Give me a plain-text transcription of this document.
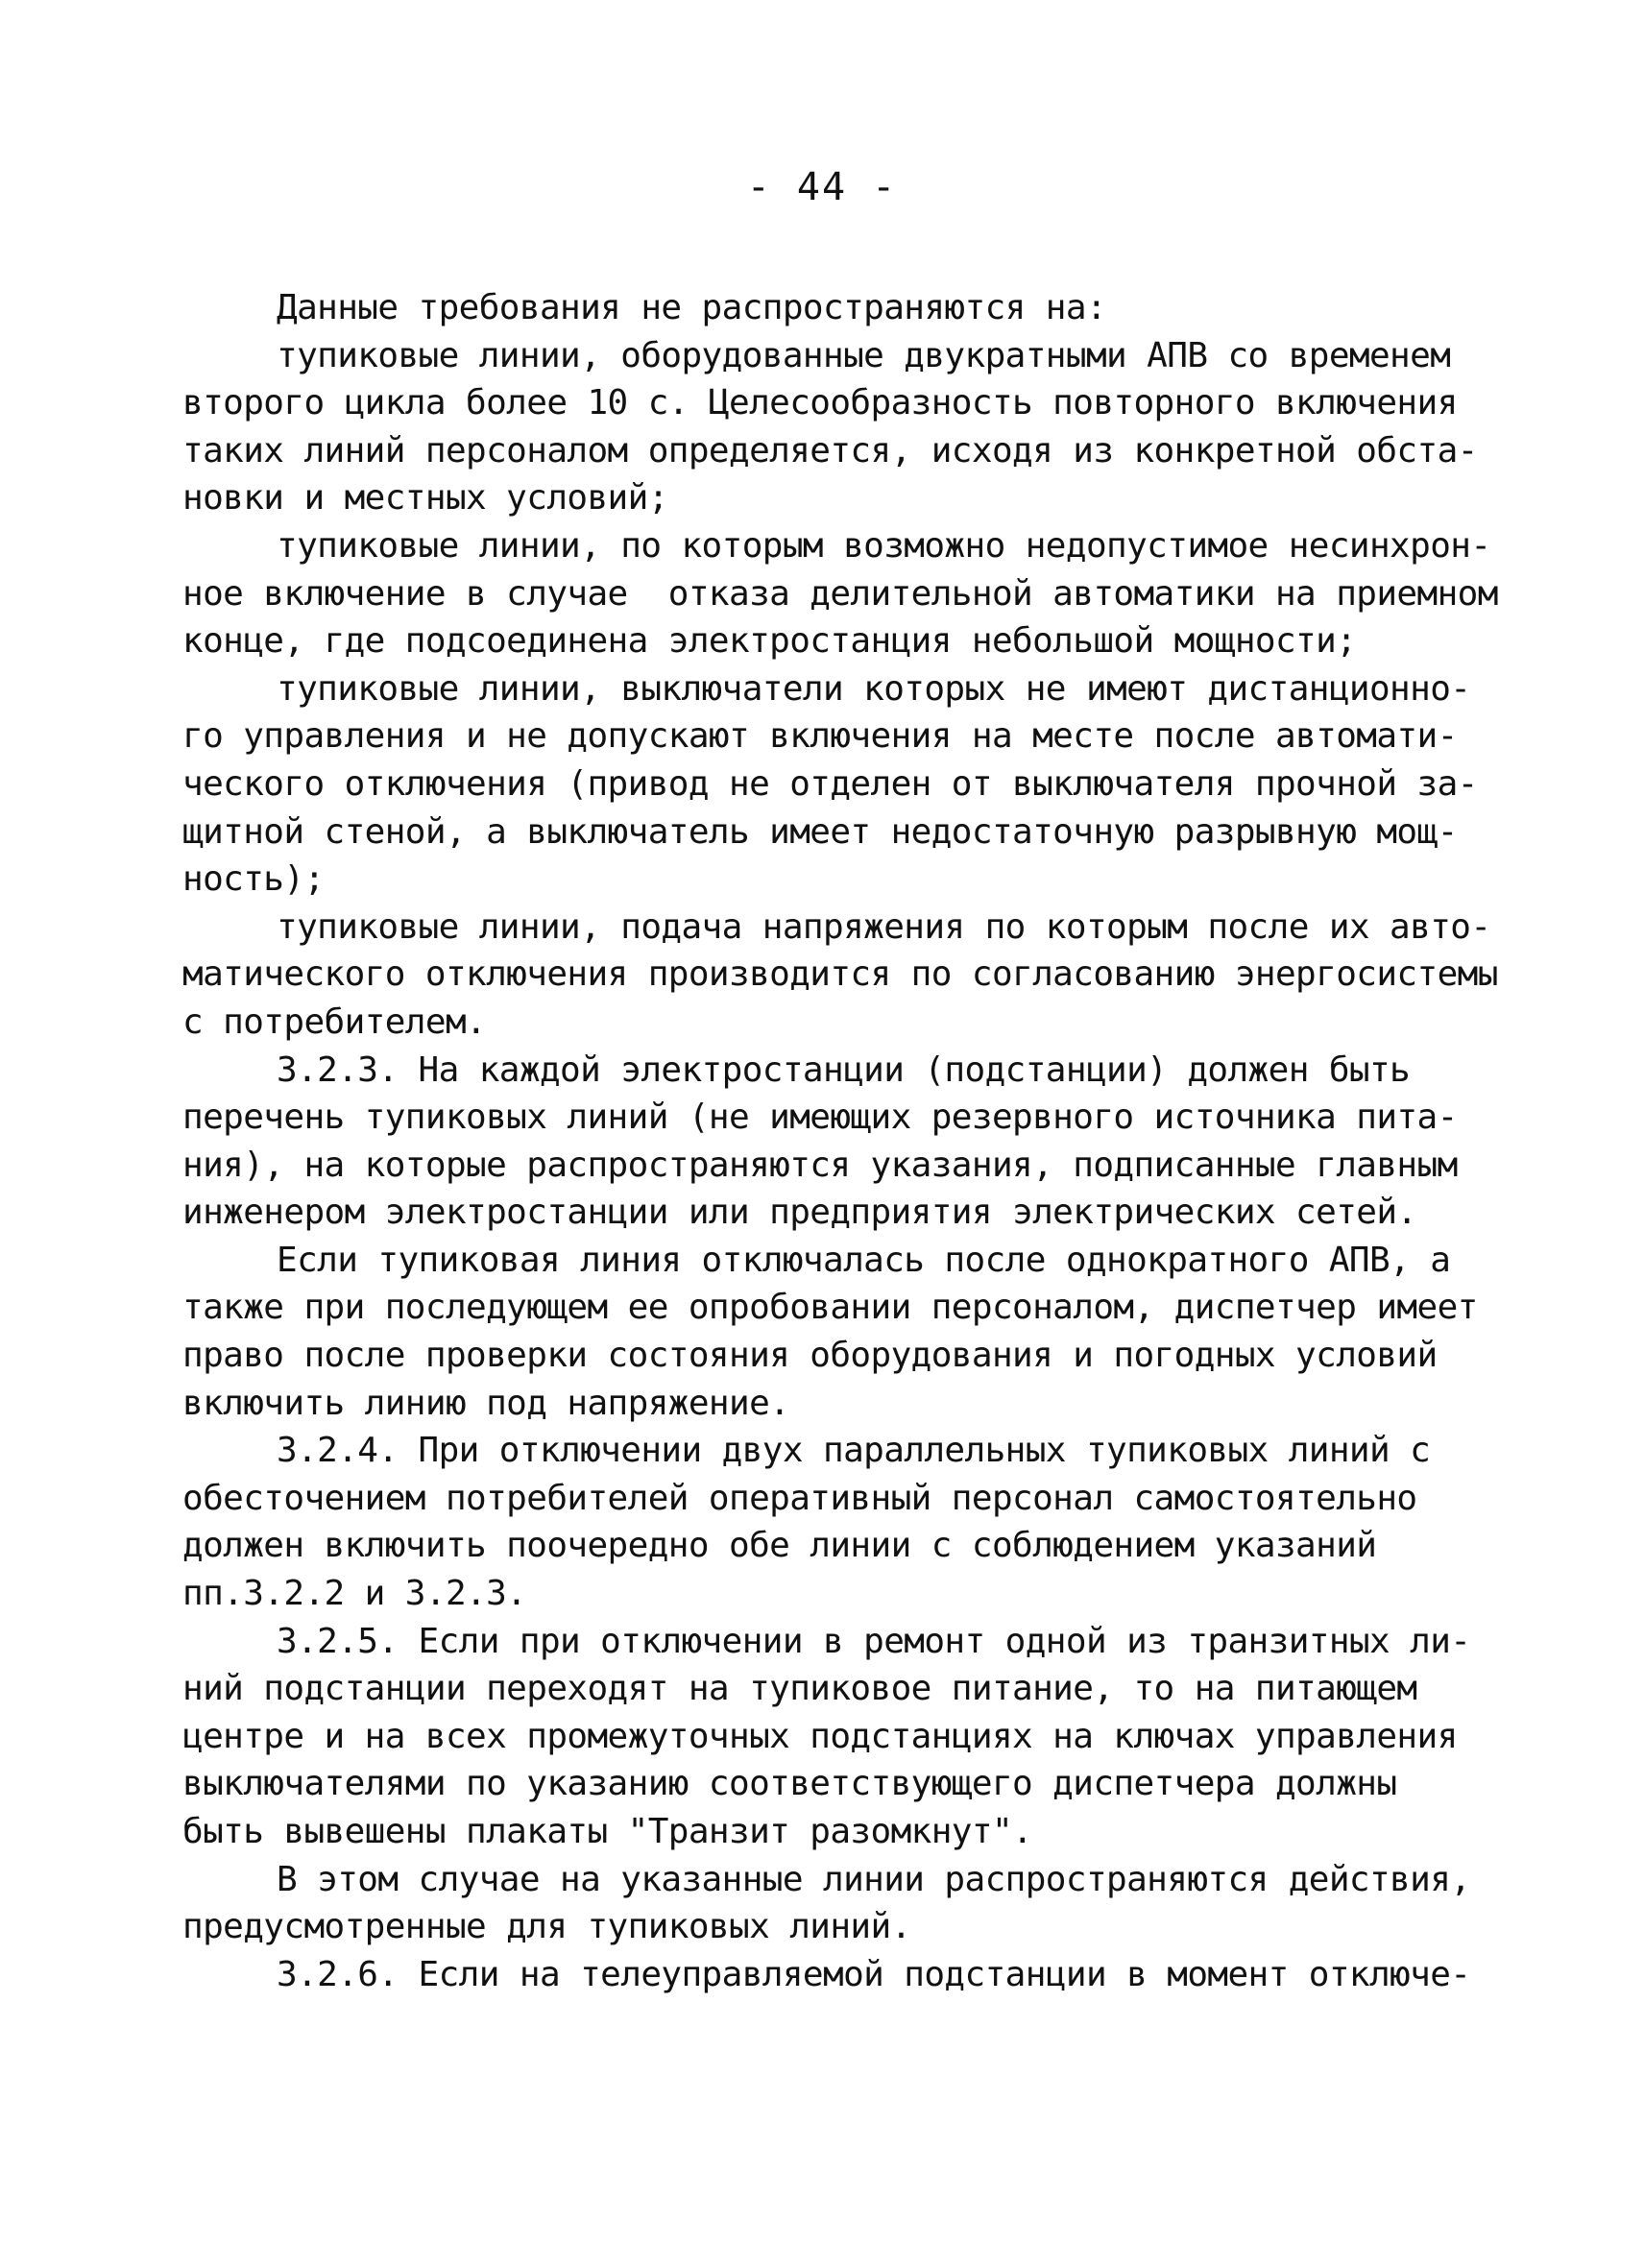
- 44 -
Данные требования не распространяются на:
тупиковые линии, оборудованные двукратными АПВ со временем
второго цикла более 10 с. Целесообразность повторного включения
таких линий персоналом определяется, исходя из конкретной обста-
новки и местных условий;
тупиковые линии, по которым возможно недопустимое несинхрон-
ное включение в случае  отказа делительной автоматики на приемном
конце, где подсоединена электростанция небольшой мощности;
тупиковые линии, выключатели которых не имеют дистанционно-
го управления и не допускают включения на месте после автомати-
ческого отключения (привод не отделен от выключателя прочной за-
щитной стеной, а выключатель имеет недостаточную разрывную мощ-
ность);
тупиковые линии, подача напряжения по которым после их авто-
матического отключения производится по согласованию энергосистемы
с потребителем.
3.2.3. На каждой электростанции (подстанции) должен быть
перечень тупиковых линий (не имеющих резервного источника пита-
ния), на которые распространяются указания, подписанные главным
инженером электростанции или предприятия электрических сетей.
Если тупиковая линия отключалась после однократного АПВ, а
также при последующем ее опробовании персоналом, диспетчер имеет
право после проверки состояния оборудования и погодных условий
включить линию под напряжение.
3.2.4. При отключении двух параллельных тупиковых линий с
обесточением потребителей оперативный персонал самостоятельно
должен включить поочередно обе линии с соблюдением указаний
пп.3.2.2 и 3.2.3.
3.2.5. Если при отключении в ремонт одной из транзитных ли-
ний подстанции переходят на тупиковое питание, то на питающем
центре и на всех промежуточных подстанциях на ключах управления
выключателями по указанию соответствующего диспетчера должны
быть вывешены плакаты "Транзит разомкнут".
В этом случае на указанные линии распространяются действия,
предусмотренные для тупиковых линий.
3.2.6. Если на телеуправляемой подстанции в момент отключе-
